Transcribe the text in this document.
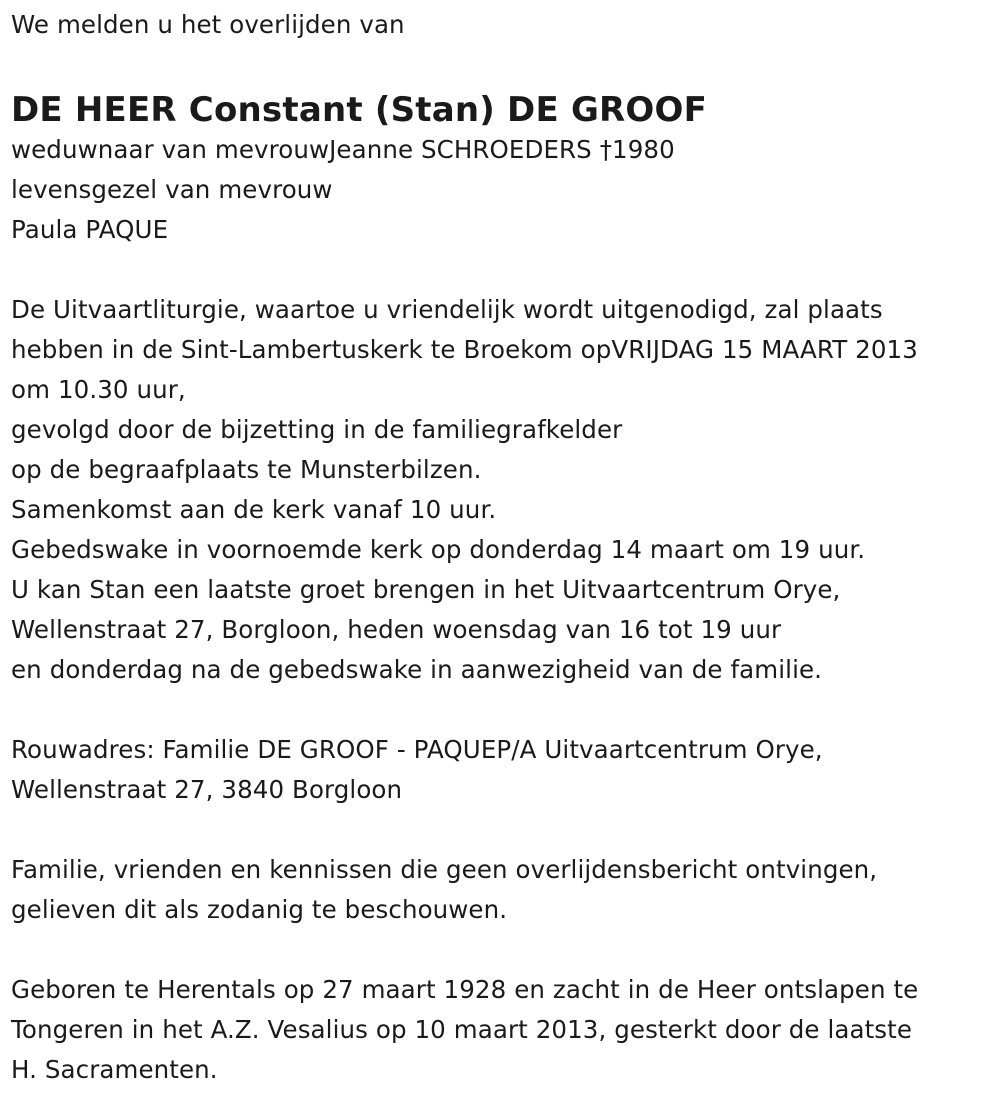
We melden u het overlijden van
DE HEER Constant (Stan) DE GROOF
weduwnaar van mevrouwJeanne SCHROEDERS †1980
levensgezel van mevrouw
Paula PAQUE
De Uitvaartliturgie, waartoe u vriendelijk wordt uitgenodigd, zal plaats
hebben in de Sint-Lambertuskerk te Broekom opVRIJDAG 15 MAART 2013
om 10.30 uur,
gevolgd door de bijzetting in de familiegrafkelder
op de begraafplaats te Munsterbilzen.
Samenkomst aan de kerk vanaf 10 uur.
Gebedswake in voornoemde kerk op donderdag 14 maart om 19 uur.
U kan Stan een laatste groet brengen in het Uitvaartcentrum Orye,
Wellenstraat 27, Borgloon, heden woensdag van 16 tot 19 uur
en donderdag na de gebedswake in aanwezigheid van de familie.
Rouwadres: Familie DE GROOF - PAQUEP/A Uitvaartcentrum Orye,
Wellenstraat 27, 3840 Borgloon
Familie, vrienden en kennissen die geen overlijdensbericht ontvingen,
gelieven dit als zodanig te beschouwen.
Geboren te Herentals op 27 maart 1928 en zacht in de Heer ontslapen te
Tongeren in het A.Z. Vesalius op 10 maart 2013, gesterkt door de laatste
H. Sacramenten.
